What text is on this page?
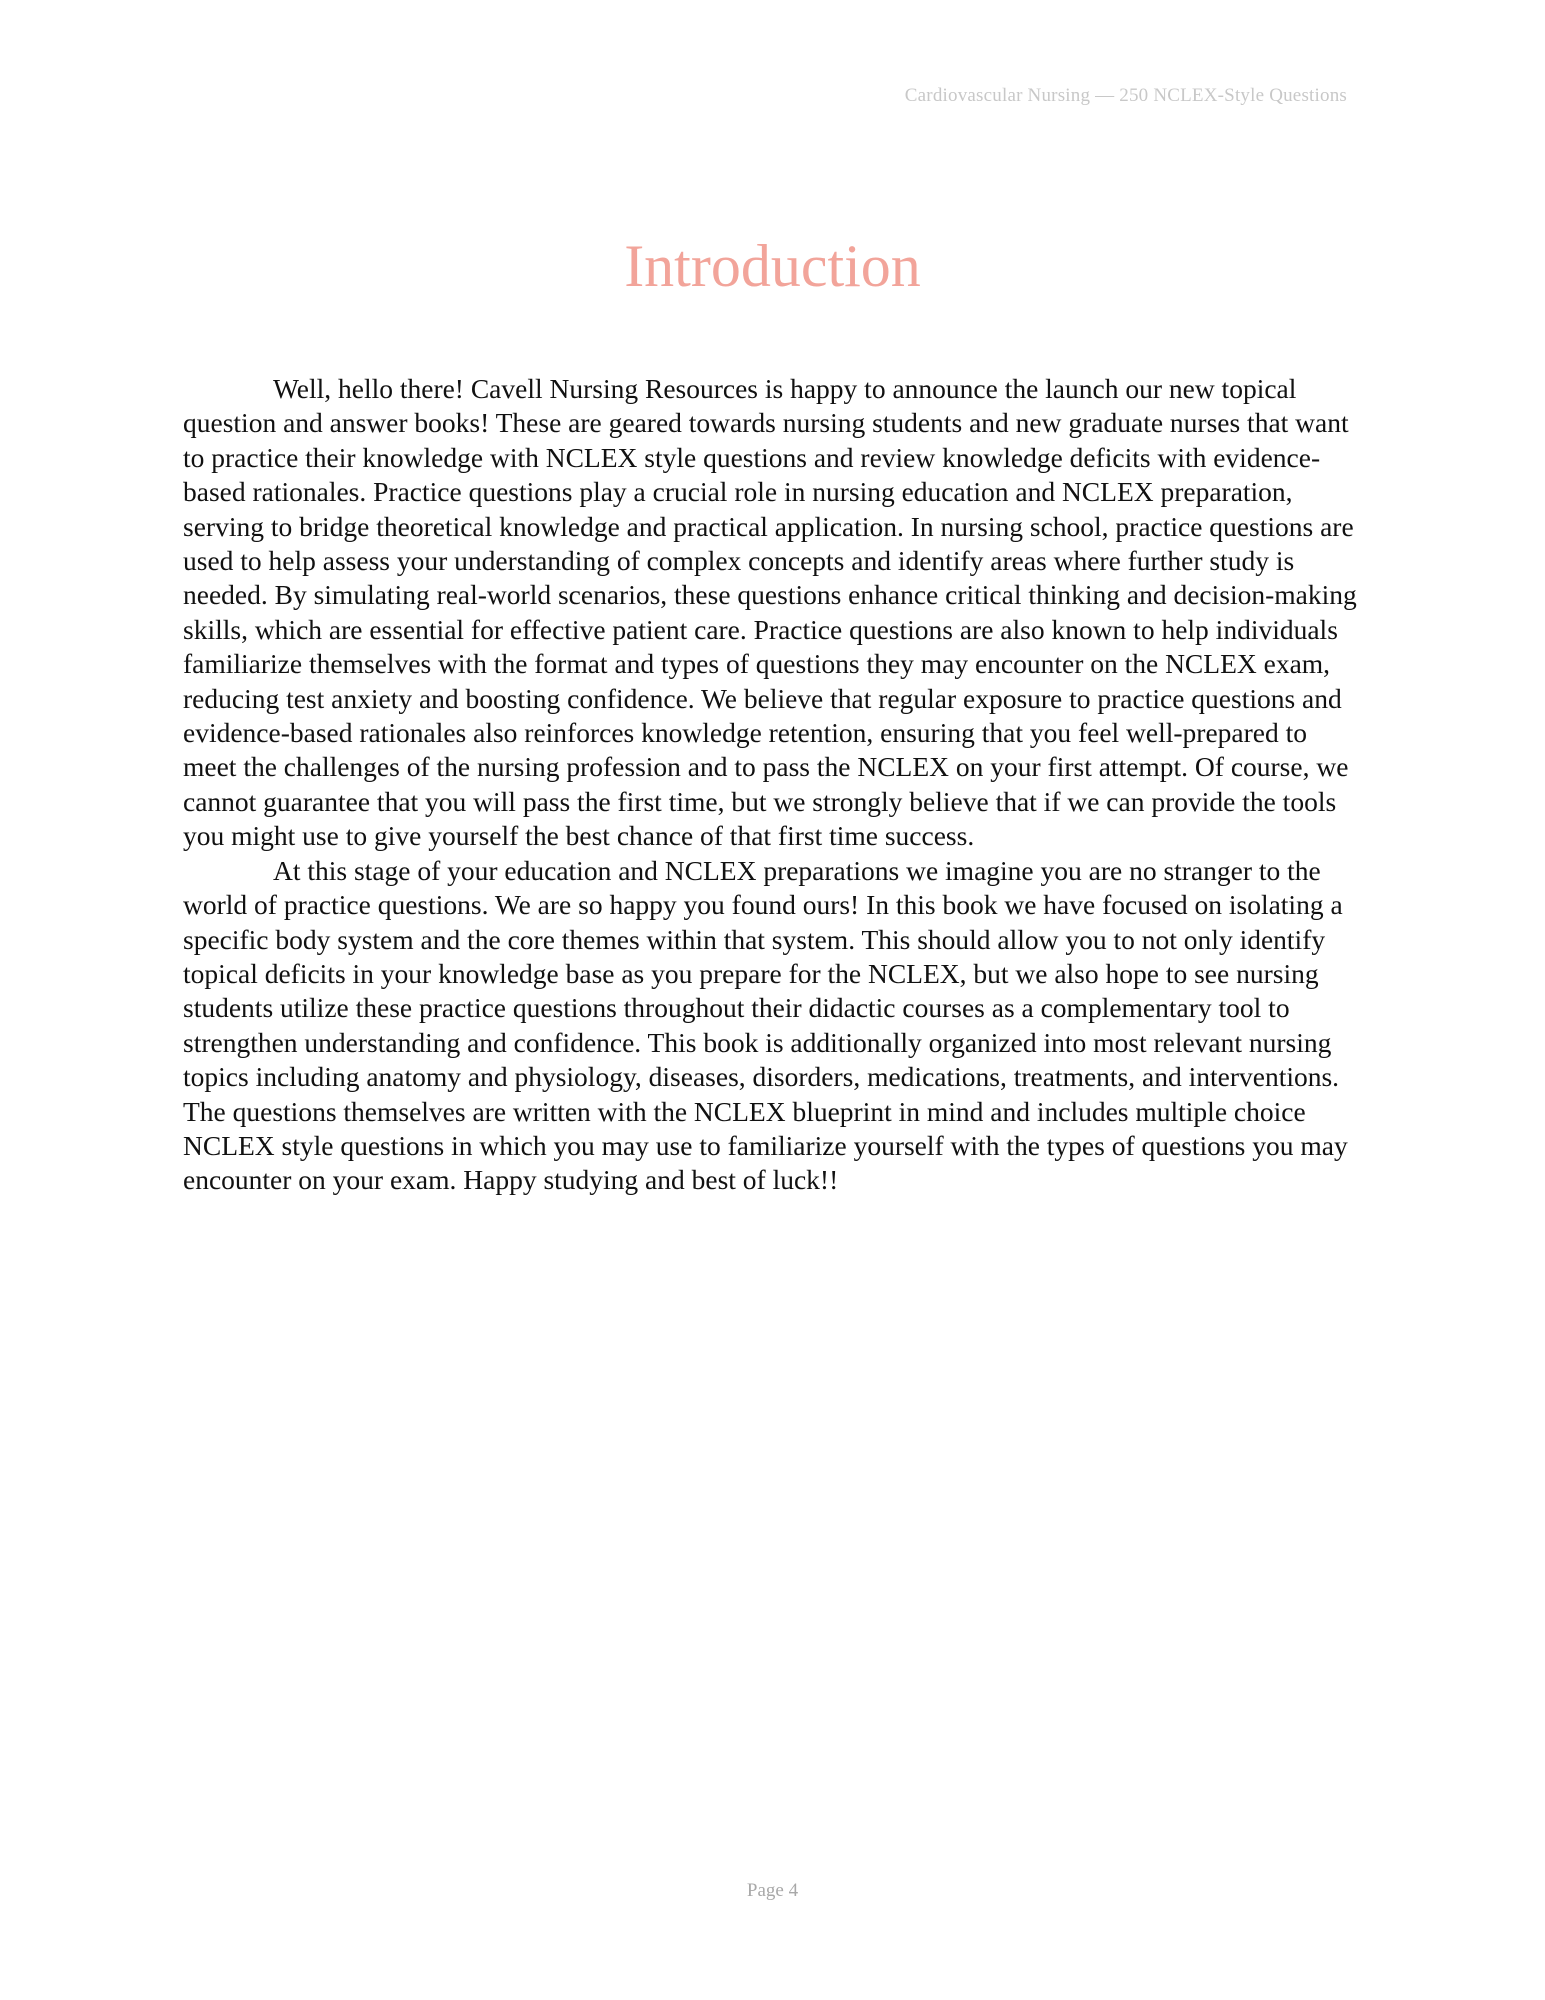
Cardiovascular Nursing — 250 NCLEX-Style Questions
Introduction

Well, hello there! Cavell Nursing Resources is happy to announce the launch our new topical question and answer books! These are geared towards nursing students and new graduate nurses that want to practice their knowledge with NCLEX style questions and review knowledge deficits with evidence-based rationales. Practice questions play a crucial role in nursing education and NCLEX preparation, serving to bridge theoretical knowledge and practical application. In nursing school, practice questions are used to help assess your understanding of complex concepts and identify areas where further study is needed. By simulating real-world scenarios, these questions enhance critical thinking and decision-making skills, which are essential for effective patient care. Practice questions are also known to help individuals familiarize themselves with the format and types of questions they may encounter on the NCLEX exam, reducing test anxiety and boosting confidence. We believe that regular exposure to practice questions and evidence-based rationales also reinforces knowledge retention, ensuring that you feel well-prepared to meet the challenges of the nursing profession and to pass the NCLEX on your first attempt. Of course, we cannot guarantee that you will pass the first time, but we strongly believe that if we can provide the tools you might use to give yourself the best chance of that first time success.

At this stage of your education and NCLEX preparations we imagine you are no stranger to the world of practice questions. We are so happy you found ours! In this book we have focused on isolating a specific body system and the core themes within that system. This should allow you to not only identify topical deficits in your knowledge base as you prepare for the NCLEX, but we also hope to see nursing students utilize these practice questions throughout their didactic courses as a complementary tool to strengthen understanding and confidence. This book is additionally organized into most relevant nursing topics including anatomy and physiology, diseases, disorders, medications, treatments, and interventions. The questions themselves are written with the NCLEX blueprint in mind and includes multiple choice NCLEX style questions in which you may use to familiarize yourself with the types of questions you may encounter on your exam. Happy studying and best of luck!!

Page 4
